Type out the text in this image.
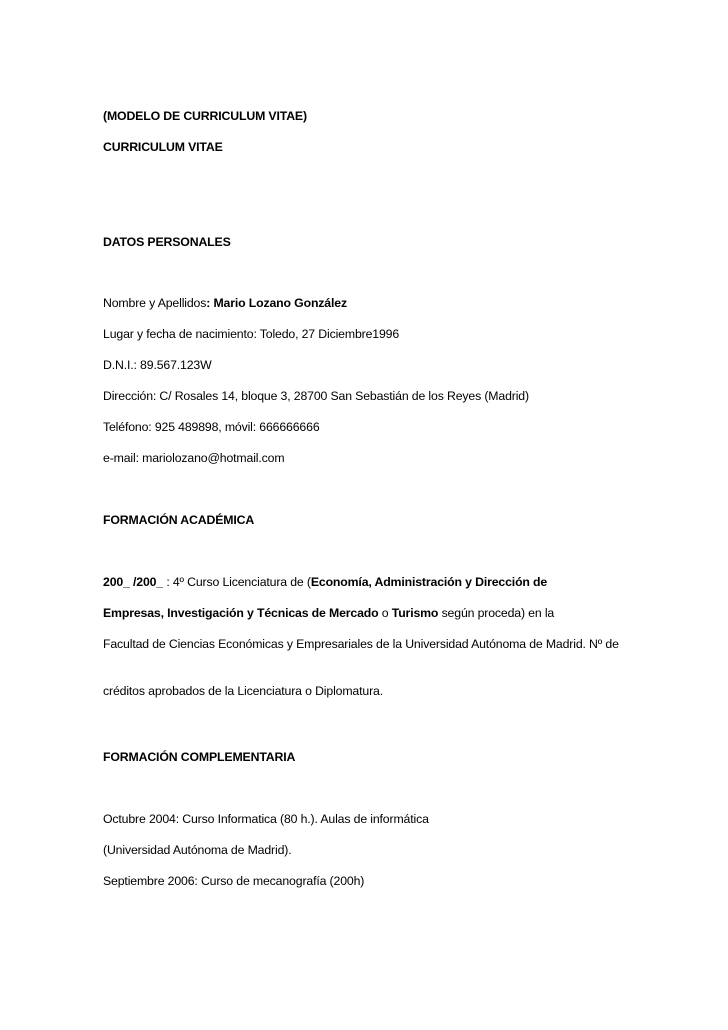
(MODELO DE CURRICULUM VITAE)
CURRICULUM VITAE
DATOS PERSONALES
Nombre y Apellidos: Mario Lozano González
Lugar y fecha de nacimiento: Toledo, 27 Diciembre1996
D.N.I.: 89.567.123W
Dirección: C/ Rosales 14, bloque 3, 28700 San Sebastián de los Reyes (Madrid)
Teléfono: 925 489898, móvil: 666666666
e-mail: mariolozano@hotmail.com
FORMACIÓN ACADÉMICA
200_ /200_ : 4º Curso Licenciatura de (Economía, Administración y Dirección de
Empresas, Investigación y Técnicas de Mercado o Turismo según proceda) en la
Facultad de Ciencias Económicas y Empresariales de la Universidad Autónoma de Madrid. Nº de
créditos aprobados de la Licenciatura o Diplomatura.
FORMACIÓN COMPLEMENTARIA
Octubre 2004: Curso Informatica (80 h.). Aulas de informática
(Universidad Autónoma de Madrid).
Septiembre 2006: Curso de mecanografía (200h)
